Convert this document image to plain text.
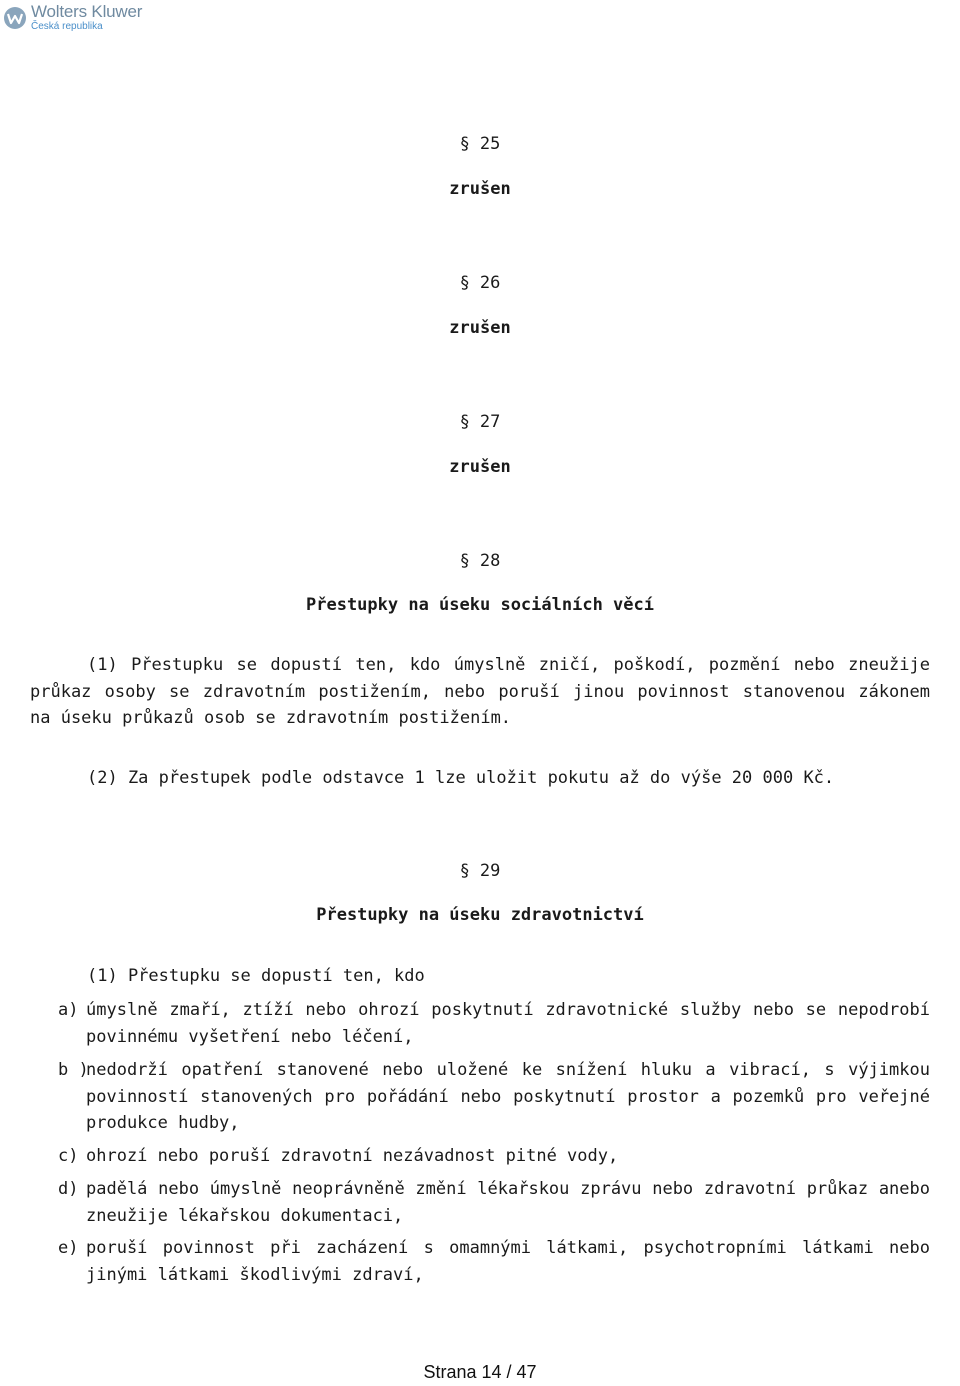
Wolters Kluwer
Česká republika
§ 25
zrušen
§ 26
zrušen
§ 27
zrušen
§ 28
Přestupky na úseku sociálních věcí

(1) Přestupku se dopustí ten, kdo úmyslně zničí, poškodí, pozmění nebo zneužije průkaz osoby se zdravotním postižením, nebo poruší jinou povinnost stanovenou zákonem na úseku průkazů osob se zdravotním postižením.

(2) Za přestupek podle odstavce 1 lze uložit pokutu až do výše 20 000 Kč.

§ 29
Přestupky na úseku zdravotnictví

(1) Přestupku se dopustí ten, kdo

a) úmyslně zmaří, ztíží nebo ohrozí poskytnutí zdravotnické služby nebo se nepodrobí povinnému vyšetření nebo léčení,
b )
nedodrží opatření stanovené nebo uložené ke snížení hluku a vibrací, s výjimkou povinností stanovených pro pořádání nebo poskytnutí prostor a pozemků pro veřejné produkce hudby,
c) ohrozí nebo poruší zdravotní nezávadnost pitné vody,
d) padělá nebo úmyslně neoprávněně změní lékařskou zprávu nebo zdravotní průkaz anebo zneužije lékařskou dokumentaci,
e) poruší povinnost při zacházení s omamnými látkami, psychotropními látkami nebo jinými látkami škodlivými zdraví,
Strana 14 / 47
